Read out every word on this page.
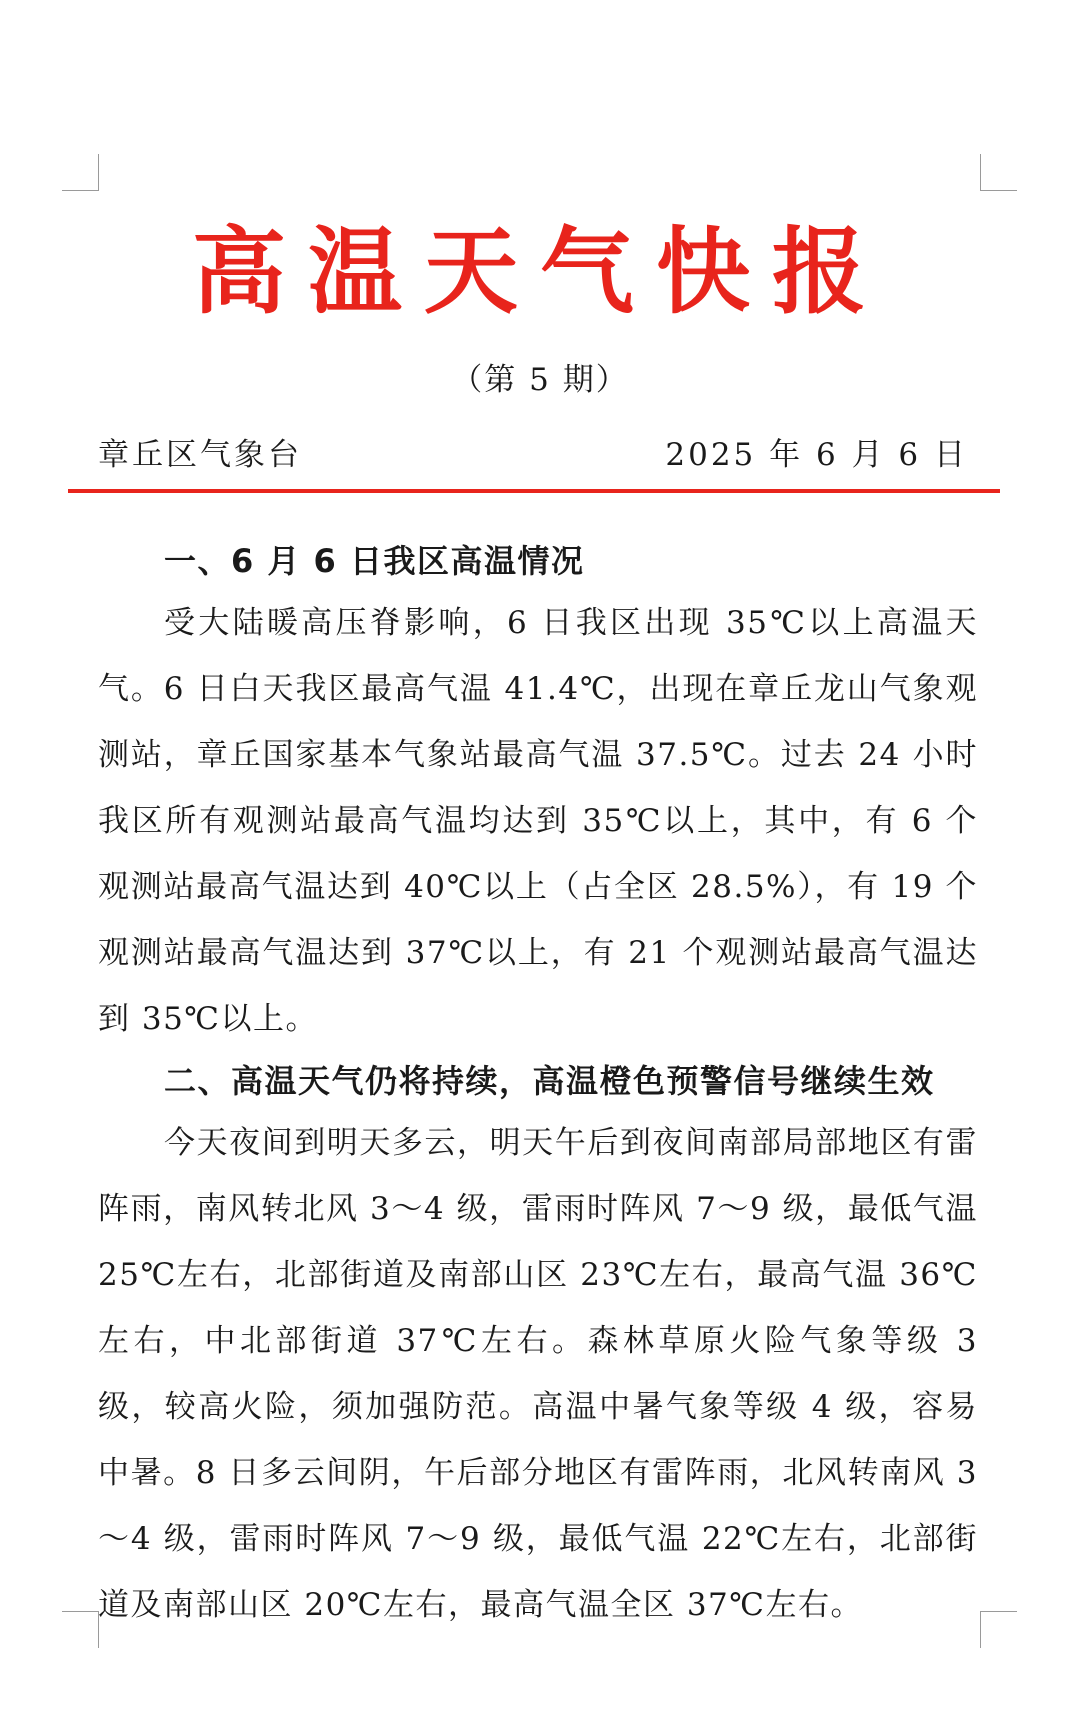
高温天气快报
（第 5 期）
章丘区气象台	2025 年 6 月 6 日

一、6 月 6 日我区高温情况

受大陆暖高压脊影响，6 日我区出现 35℃以上高温天气。6 日白天我区最高气温 41.4℃，出现在章丘龙山气象观测站，章丘国家基本气象站最高气温 37.5℃。过去 24 小时我区所有观测站最高气温均达到 35℃以上，其中，有 6 个观测站最高气温达到 40℃以上（占全区 28.5%），有 19 个观测站最高气温达到 37℃以上，有 21 个观测站最高气温达到 35℃以上。

二、高温天气仍将持续，高温橙色预警信号继续生效

今天夜间到明天多云，明天午后到夜间南部局部地区有雷阵雨，南风转北风 3～4 级，雷雨时阵风 7～9 级，最低气温 25℃左右，北部街道及南部山区 23℃左右，最高气温 36℃左右，中北部街道 37℃左右。森林草原火险气象等级 3 级，较高火险，须加强防范。高温中暑气象等级 4 级，容易中暑。8 日多云间阴，午后部分地区有雷阵雨，北风转南风 3～4 级，雷雨时阵风 7～9 级，最低气温 22℃左右，北部街道及南部山区 20℃左右，最高气温全区 37℃左右。
